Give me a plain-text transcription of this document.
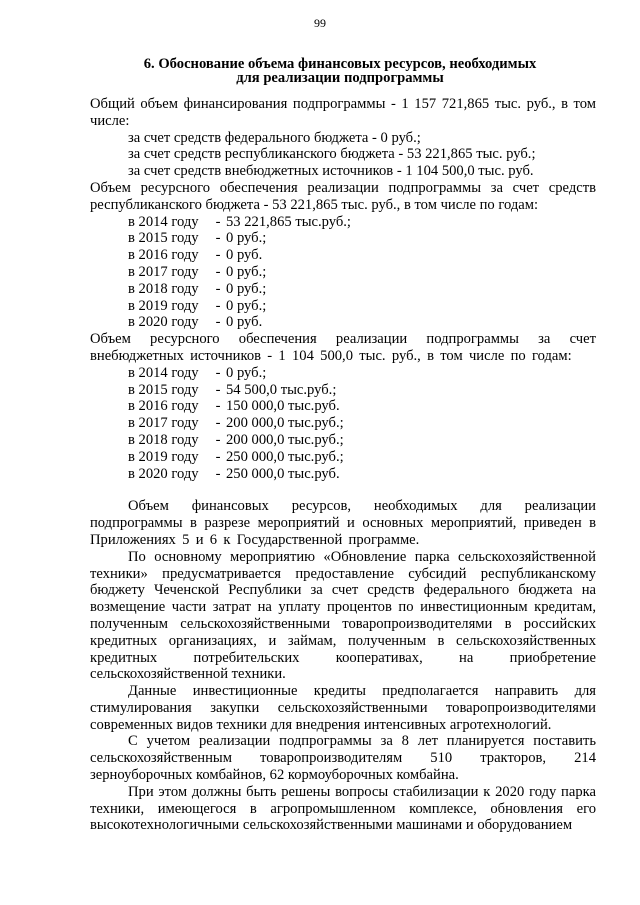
99
6. Обоснование объема финансовых ресурсов, необходимых
для реализации подпрограммы

Общий объем финансирования подпрограммы - 1 157 721,865 тыс. руб., в том числе:

за счет средств федерального бюджета - 0 руб.;

за счет средств республиканского бюджета - 53 221,865 тыс. руб.;

за счет средств внебюджетных источников - 1 104 500,0 тыс. руб.

Объем ресурсного обеспечения реализации подпрограммы за счет средств республиканского бюджета - 53 221,865 тыс. руб., в том числе по годам:

в 2014 году	- 53 221,865 тыс.руб.;
в 2015 году	- 0 руб.;
в 2016 году	- 0 руб.
в 2017 году	- 0 руб.;
в 2018 году	- 0 руб.;
в 2019 году	- 0 руб.;
в 2020 году	- 0 руб.

Объем ресурсного обеспечения реализации подпрограммы за счет внебюджетных источников - 1 104 500,0 тыс. руб., в том числе по годам:

в 2014 году	- 0 руб.;
в 2015 году	- 54 500,0 тыс.руб.;
в 2016 году	- 150 000,0 тыс.руб.
в 2017 году	- 200 000,0 тыс.руб.;
в 2018 году	- 200 000,0 тыс.руб.;
в 2019 году	- 250 000,0 тыс.руб.;
в 2020 году	- 250 000,0 тыс.руб.

Объем финансовых ресурсов, необходимых для реализации подпрограммы в разрезе мероприятий и основных мероприятий, приведен в Приложениях 5 и 6 к Государственной программе.

По основному мероприятию «Обновление парка сельскохозяйственной техники» предусматривается предоставление субсидий республиканскому бюджету Чеченской Республики за счет средств федерального бюджета на возмещение части затрат на уплату процентов по инвестиционным кредитам, полученным сельскохозяйственными товаропроизводителями в российских кредитных организациях, и займам, полученным в сельскохозяйственных кредитных потребительских кооперативах, на приобретение сельскохозяйственной техники.

Данные инвестиционные кредиты предполагается направить для стимулирования закупки сельскохозяйственными товаропроизводителями современных видов техники для внедрения интенсивных агротехнологий.

С учетом реализации подпрограммы за 8 лет планируется поставить сельскохозяйственным товаропроизводителям 510 тракторов, 214 зерноуборочных комбайнов, 62 кормоуборочных комбайна.

При этом должны быть решены вопросы стабилизации к 2020 году парка техники, имеющегося в агропромышленном комплексе, обновления его высокотехнологичными сельскохозяйственными машинами и оборудованием
